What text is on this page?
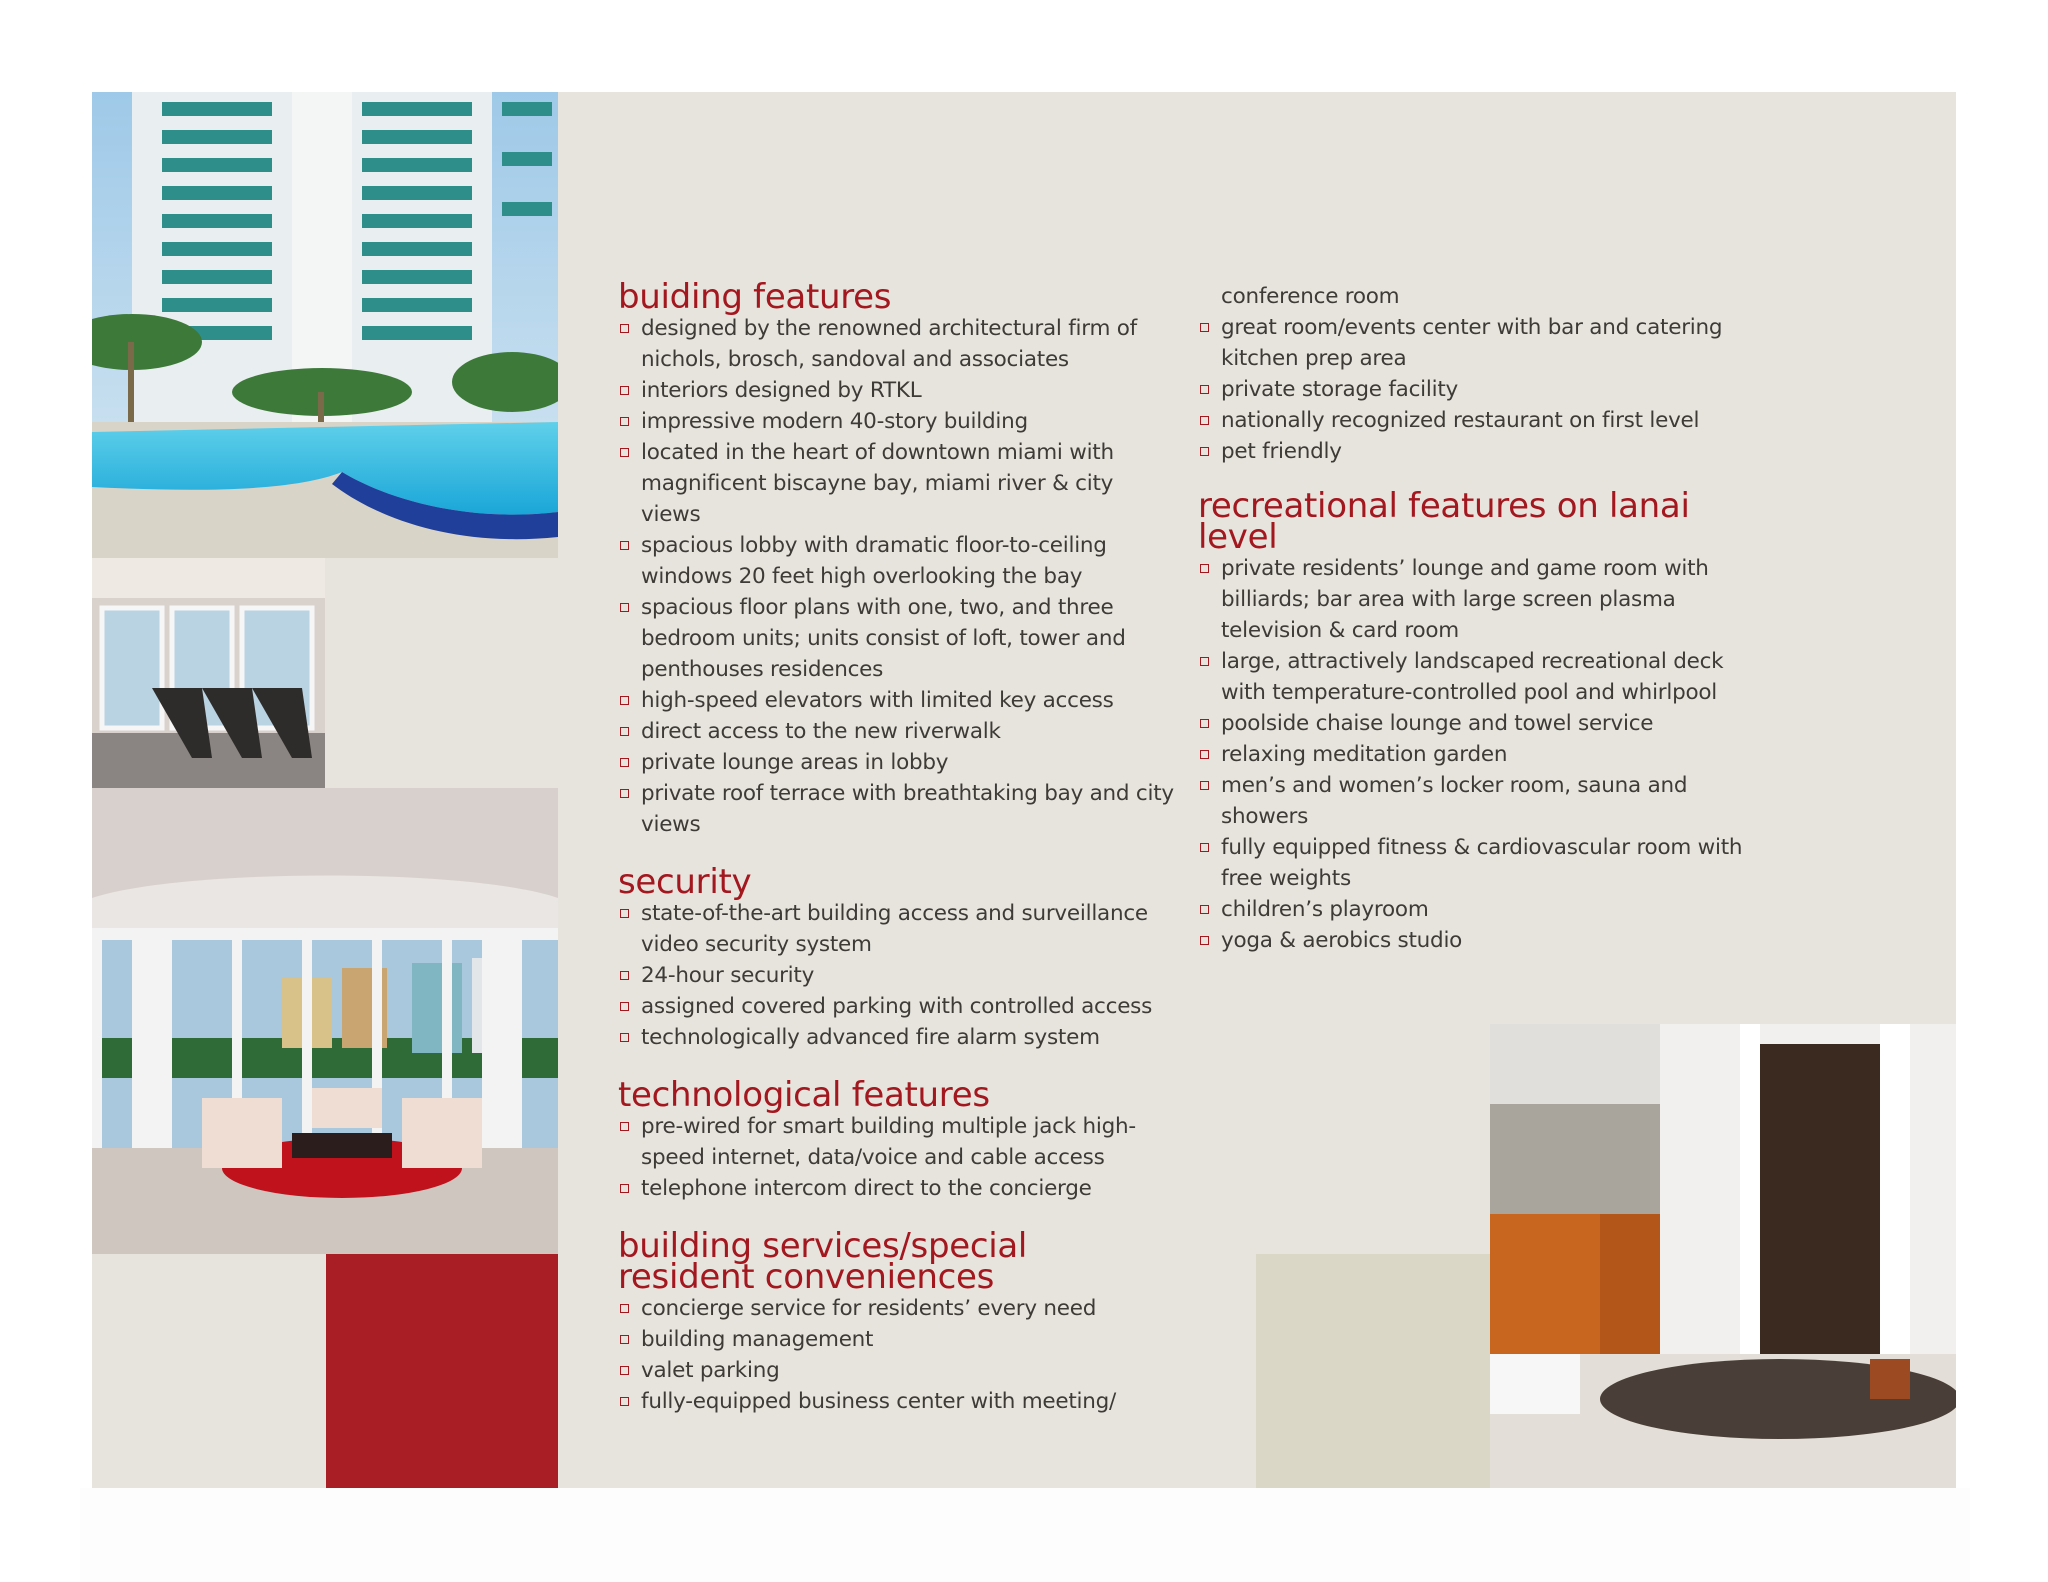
buiding features
designed by the renowned architectural firm of nichols, brosch, sandoval and associates
interiors designed by RTKL
impressive modern 40-story building
located in the heart of downtown miami with magnificent biscayne bay, miami river & city views
spacious lobby with dramatic floor-to-ceiling windows 20 feet high overlooking the bay
spacious floor plans with one, two, and three bedroom units; units consist of loft, tower and penthouses residences
high-speed elevators with limited key access
direct access to the new riverwalk
private lounge areas in lobby
private roof terrace with breathtaking bay and city views
security
state-of-the-art building access and surveillance video security system
24-hour security
assigned covered parking with controlled access
technologically advanced fire alarm system
technological features
pre-wired for smart building multiple jack high-speed internet, data/voice and cable access
telephone intercom direct to the concierge
building services/special
resident conveniences
concierge service for residents’ every need
building management
valet parking
fully-equipped business center with meeting/
conference room
great room/events center with bar and catering kitchen prep area
private storage facility
nationally recognized restaurant on first level
pet friendly
recreational features on lanai
level
private residents’ lounge and game room with billiards; bar area with large screen plasma television & card room
large, attractively landscaped recreational deck with temperature-controlled pool and whirlpool
poolside chaise lounge and towel service
relaxing meditation garden
men’s and women’s locker room, sauna and showers
fully equipped fitness & cardiovascular room with free weights
children’s playroom
yoga & aerobics studio
